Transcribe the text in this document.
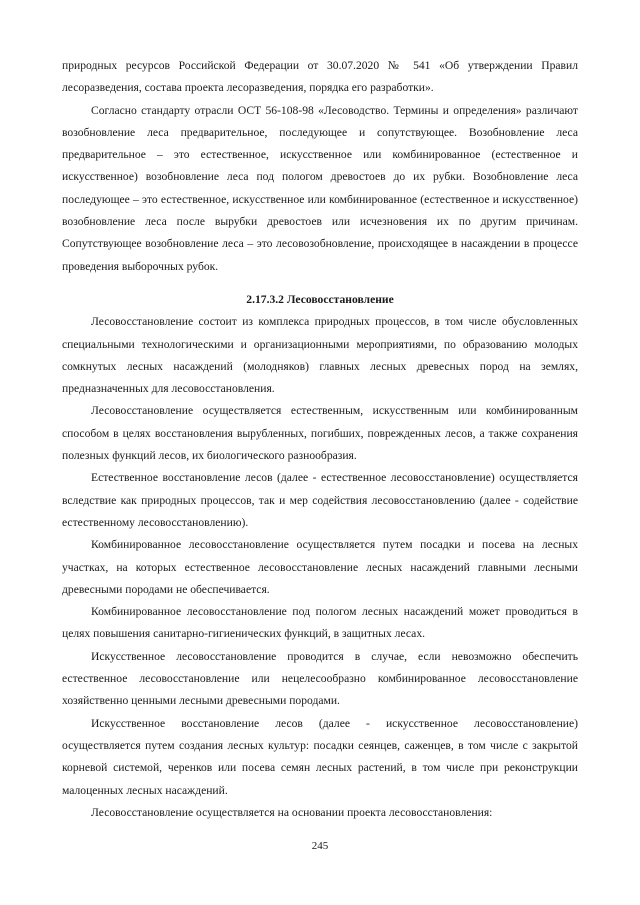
природных ресурсов Российской Федерации от 30.07.2020 № 541 «Об утверждении Правил лесоразведения, состава проекта лесоразведения, порядка его разработки».

Согласно стандарту отрасли ОСТ 56-108-98 «Лесоводство. Термины и определения» различают возобновление леса предварительное, последующее и сопутствующее. Возобновление леса предварительное – это естественное, искусственное или комбинированное (естественное и искусственное) возобновление леса под пологом древостоев до их рубки. Возобновление леса последующее – это естественное, искусственное или комбинированное (естественное и искусственное) возобновление леса после вырубки древостоев или исчезновения их по другим причинам. Сопутствующее возобновление леса – это лесовозобновление, происходящее в насаждении в процессе проведения выборочных рубок.

2.17.3.2 Лесовосстановление

Лесовосстановление состоит из комплекса природных процессов, в том числе обусловленных специальными технологическими и организационными мероприятиями, по образованию молодых сомкнутых лесных насаждений (молодняков) главных лесных древесных пород на землях, предназначенных для лесовосстановления.

Лесовосстановление осуществляется естественным, искусственным или комбинированным способом в целях восстановления вырубленных, погибших, поврежденных лесов, а также сохранения полезных функций лесов, их биологического разнообразия.

Естественное восстановление лесов (далее - естественное лесовосстановление) осуществляется вследствие как природных процессов, так и мер содействия лесовосстановлению (далее - содействие естественному лесовосстановлению).

Комбинированное лесовосстановление осуществляется путем посадки и посева на лесных участках, на которых естественное лесовосстановление лесных насаждений главными лесными древесными породами не обеспечивается.

Комбинированное лесовосстановление под пологом лесных насаждений может проводиться в целях повышения санитарно-гигиенических функций, в защитных лесах.

Искусственное лесовосстановление проводится в случае, если невозможно обеспечить естественное лесовосстановление или нецелесообразно комбинированное лесовосстановление хозяйственно ценными лесными древесными породами.

Искусственное восстановление лесов (далее - искусственное лесовосстановление) осуществляется путем создания лесных культур: посадки сеянцев, саженцев, в том числе с закрытой корневой системой, черенков или посева семян лесных растений, в том числе при реконструкции малоценных лесных насаждений.

Лесовосстановление осуществляется на основании проекта лесовосстановления:

245
